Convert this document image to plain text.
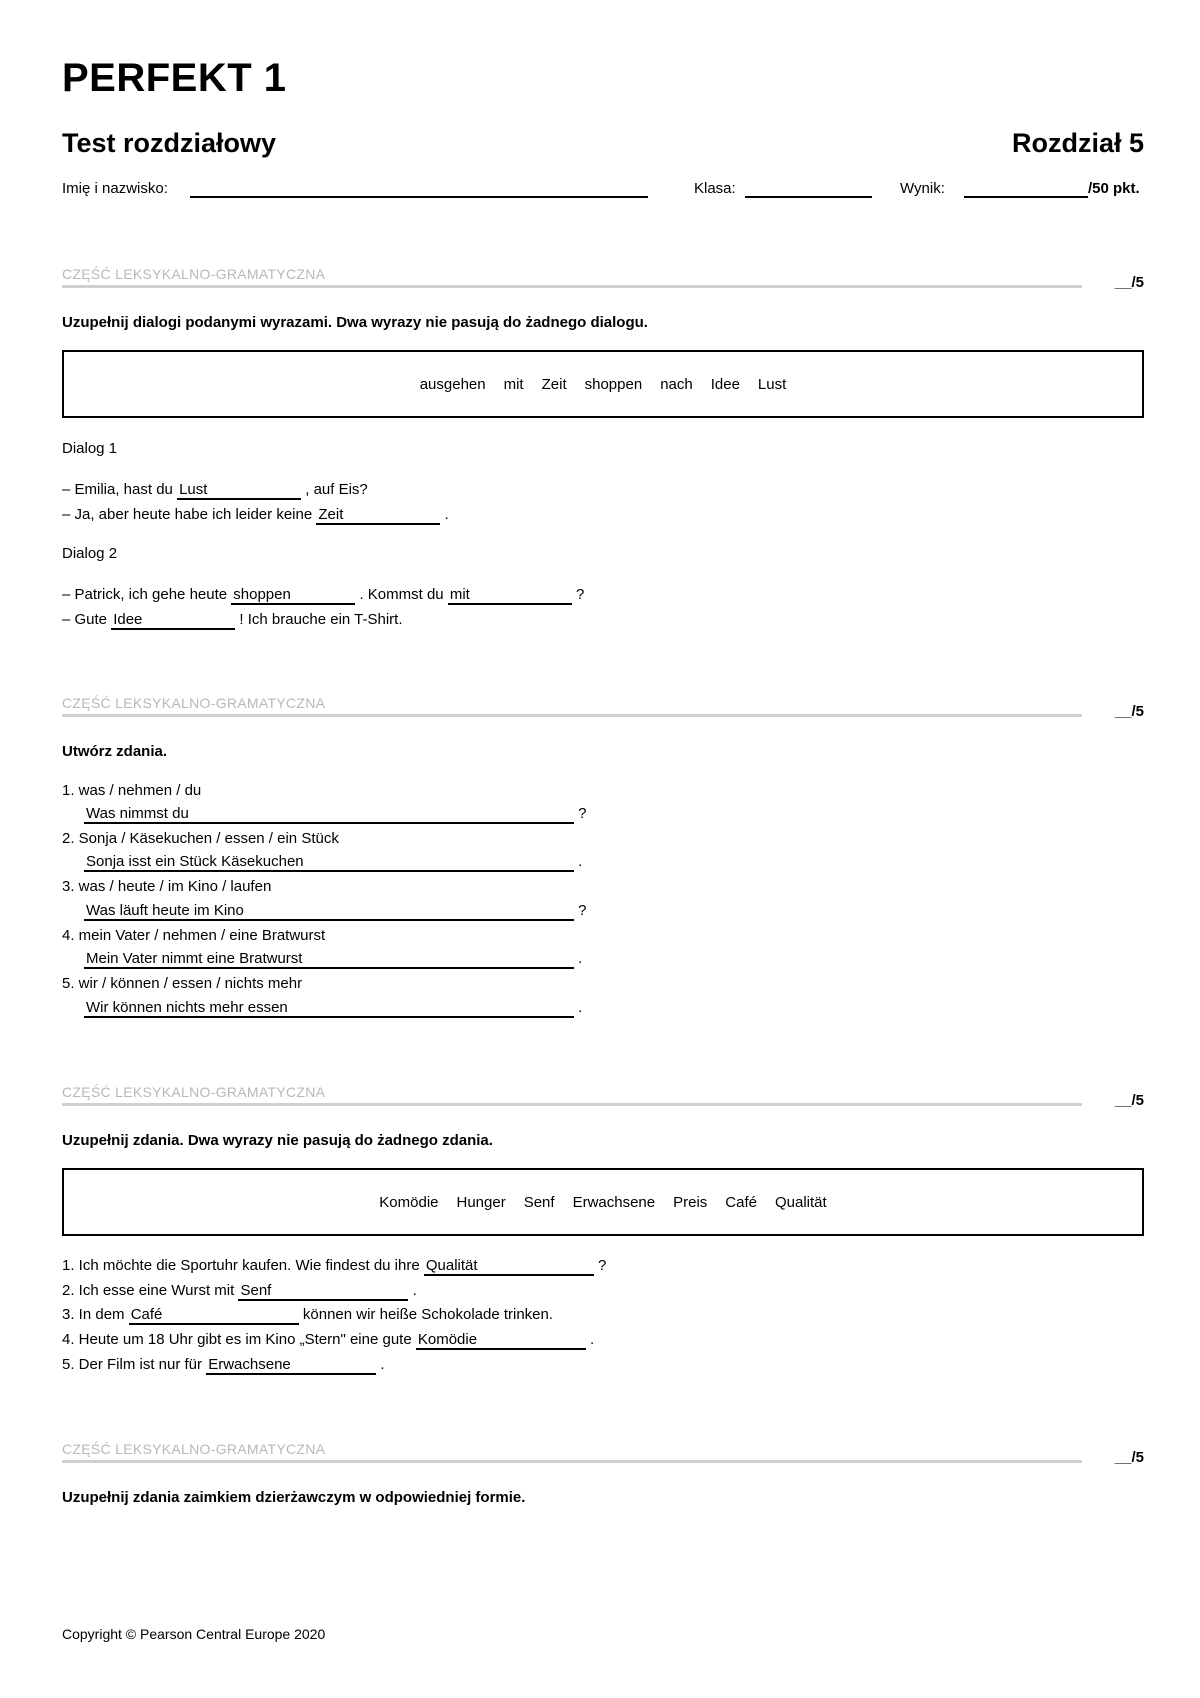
PERFEKT 1
Test rozdziałowy	Rozdział 5
Imię i nazwisko:	Klasa:	Wynik:	/50 pkt.
CZĘŚĆ LEKSYKALNO-GRAMATYCZNA	__/5
Uzupełnij dialogi podanymi wyrazami. Dwa wyrazy nie pasują do żadnego dialogu.
ausgehen mit Zeit shoppen nach Idee Lust
Dialog 1
– Emilia, hast du Lust	, auf Eis?
– Ja, aber heute habe ich leider keine Zeit	.
Dialog 2
– Patrick, ich gehe heute shoppen	. Kommst du mit	?
– Gute Idee	! Ich brauche ein T-Shirt.
CZĘŚĆ LEKSYKALNO-GRAMATYCZNA	__/5
Utwórz zdania.
1. was / nehmen / du
Was nimmst du	?
2. Sonja / Käsekuchen / essen / ein Stück
Sonja isst ein Stück Käsekuchen	.
3. was / heute / im Kino / laufen
Was läuft heute im Kino	?
4. mein Vater / nehmen / eine Bratwurst
Mein Vater nimmt eine Bratwurst	.
5. wir / können / essen / nichts mehr
Wir können nichts mehr essen	.
CZĘŚĆ LEKSYKALNO-GRAMATYCZNA	__/5
Uzupełnij zdania. Dwa wyrazy nie pasują do żadnego zdania.
Komödie Hunger Senf Erwachsene Preis Café Qualität
1. Ich möchte die Sportuhr kaufen. Wie findest du ihre Qualität	?
2. Ich esse eine Wurst mit Senf	.
3. In dem Café	können wir heiße Schokolade trinken.
4. Heute um 18 Uhr gibt es im Kino „Stern" eine gute Komödie	.
5. Der Film ist nur für Erwachsene	.
CZĘŚĆ LEKSYKALNO-GRAMATYCZNA	__/5
Uzupełnij zdania zaimkiem dzierżawczym w odpowiedniej formie.
Copyright © Pearson Central Europe 2020
